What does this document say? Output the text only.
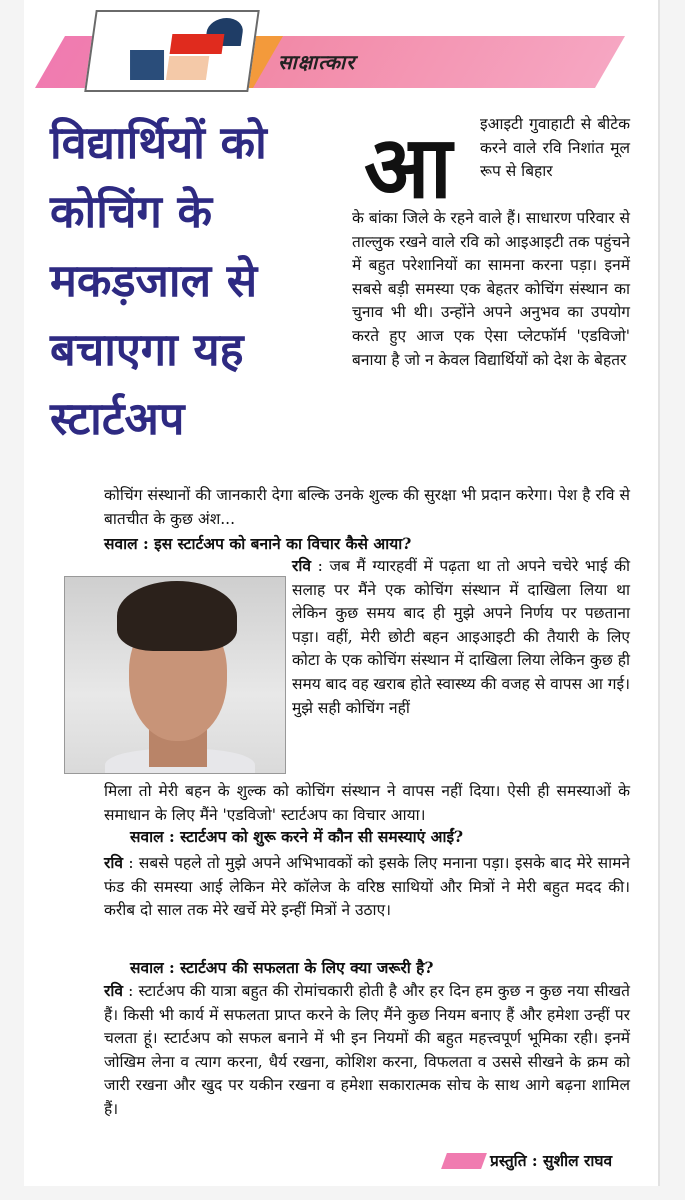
साक्षात्कार
विद्यार्थियों को
कोचिंग के
मकड़जाल से
बचाएगा यह
स्टार्टअप
आ	इआइटी गुवाहाटी से बीटेक करने वाले रवि निशांत मूल रूप से बिहार
के बांका जिले के रहने वाले हैं। साधारण परिवार से ताल्लुक रखने वाले रवि को आइआइटी तक पहुंचने में बहुत परेशानियों का सामना करना पड़ा। इनमें सबसे बड़ी समस्या एक बेहतर कोचिंग संस्थान का चुनाव भी थी। उन्होंने अपने अनुभव का उपयोग करते हुए आज एक ऐसा प्लेटफॉर्म 'एडविजो' बनाया है जो न केवल विद्यार्थियों को देश के बेहतर
कोचिंग संस्थानों की जानकारी देगा बल्कि उनके शुल्क की सुरक्षा भी प्रदान करेगा। पेश है रवि से बातचीत के कुछ अंश...
सवाल : इस स्टार्टअप को बनाने का विचार कैसे आया?
रवि : जब मैं ग्यारहवीं में पढ़ता था तो अपने चचेरे भाई की सलाह पर मैंने एक कोचिंग संस्थान में दाखिला लिया था लेकिन कुछ समय बाद ही मुझे अपने निर्णय पर पछताना पड़ा। वहीं, मेरी छोटी बहन आइआइटी की तैयारी के लिए कोटा के एक कोचिंग संस्थान में दाखिला लिया लेकिन कुछ ही समय बाद वह खराब होते स्वास्थ्य की वजह से वापस आ गई। मुझे सही कोचिंग नहीं
मिला तो मेरी बहन के शुल्क को कोचिंग संस्थान ने वापस नहीं दिया। ऐसी ही समस्याओं के समाधान के लिए मैंने 'एडविजो' स्टार्टअप का विचार आया।
सवाल : स्टार्टअप को शुरू करने में कौन सी समस्याएं आईं?
रवि : सबसे पहले तो मुझे अपने अभिभावकों को इसके लिए मनाना पड़ा। इसके बाद मेरे सामने फंड की समस्या आई लेकिन मेरे कॉलेज के वरिष्ठ साथियों और मित्रों ने मेरी बहुत मदद की। करीब दो साल तक मेरे खर्चे मेरे इन्हीं मित्रों ने उठाए।
सवाल : स्टार्टअप की सफलता के लिए क्या जरूरी है?
रवि : स्टार्टअप की यात्रा बहुत की रोमांचकारी होती है और हर दिन हम कुछ न कुछ नया सीखते हैं। किसी भी कार्य में सफलता प्राप्त करने के लिए मैंने कुछ नियम बनाए हैं और हमेशा उन्हीं पर चलता हूं। स्टार्टअप को सफल बनाने में भी इन नियमों की बहुत महत्त्वपूर्ण भूमिका रही। इनमें जोखिम लेना व त्याग करना, धैर्य रखना, कोशिश करना, विफलता व उससे सीखने के क्रम को जारी रखना और खुद पर यकीन रखना व हमेशा सकारात्मक सोच के साथ आगे बढ़ना शामिल हैं।
प्रस्तुति : सुशील राघव
